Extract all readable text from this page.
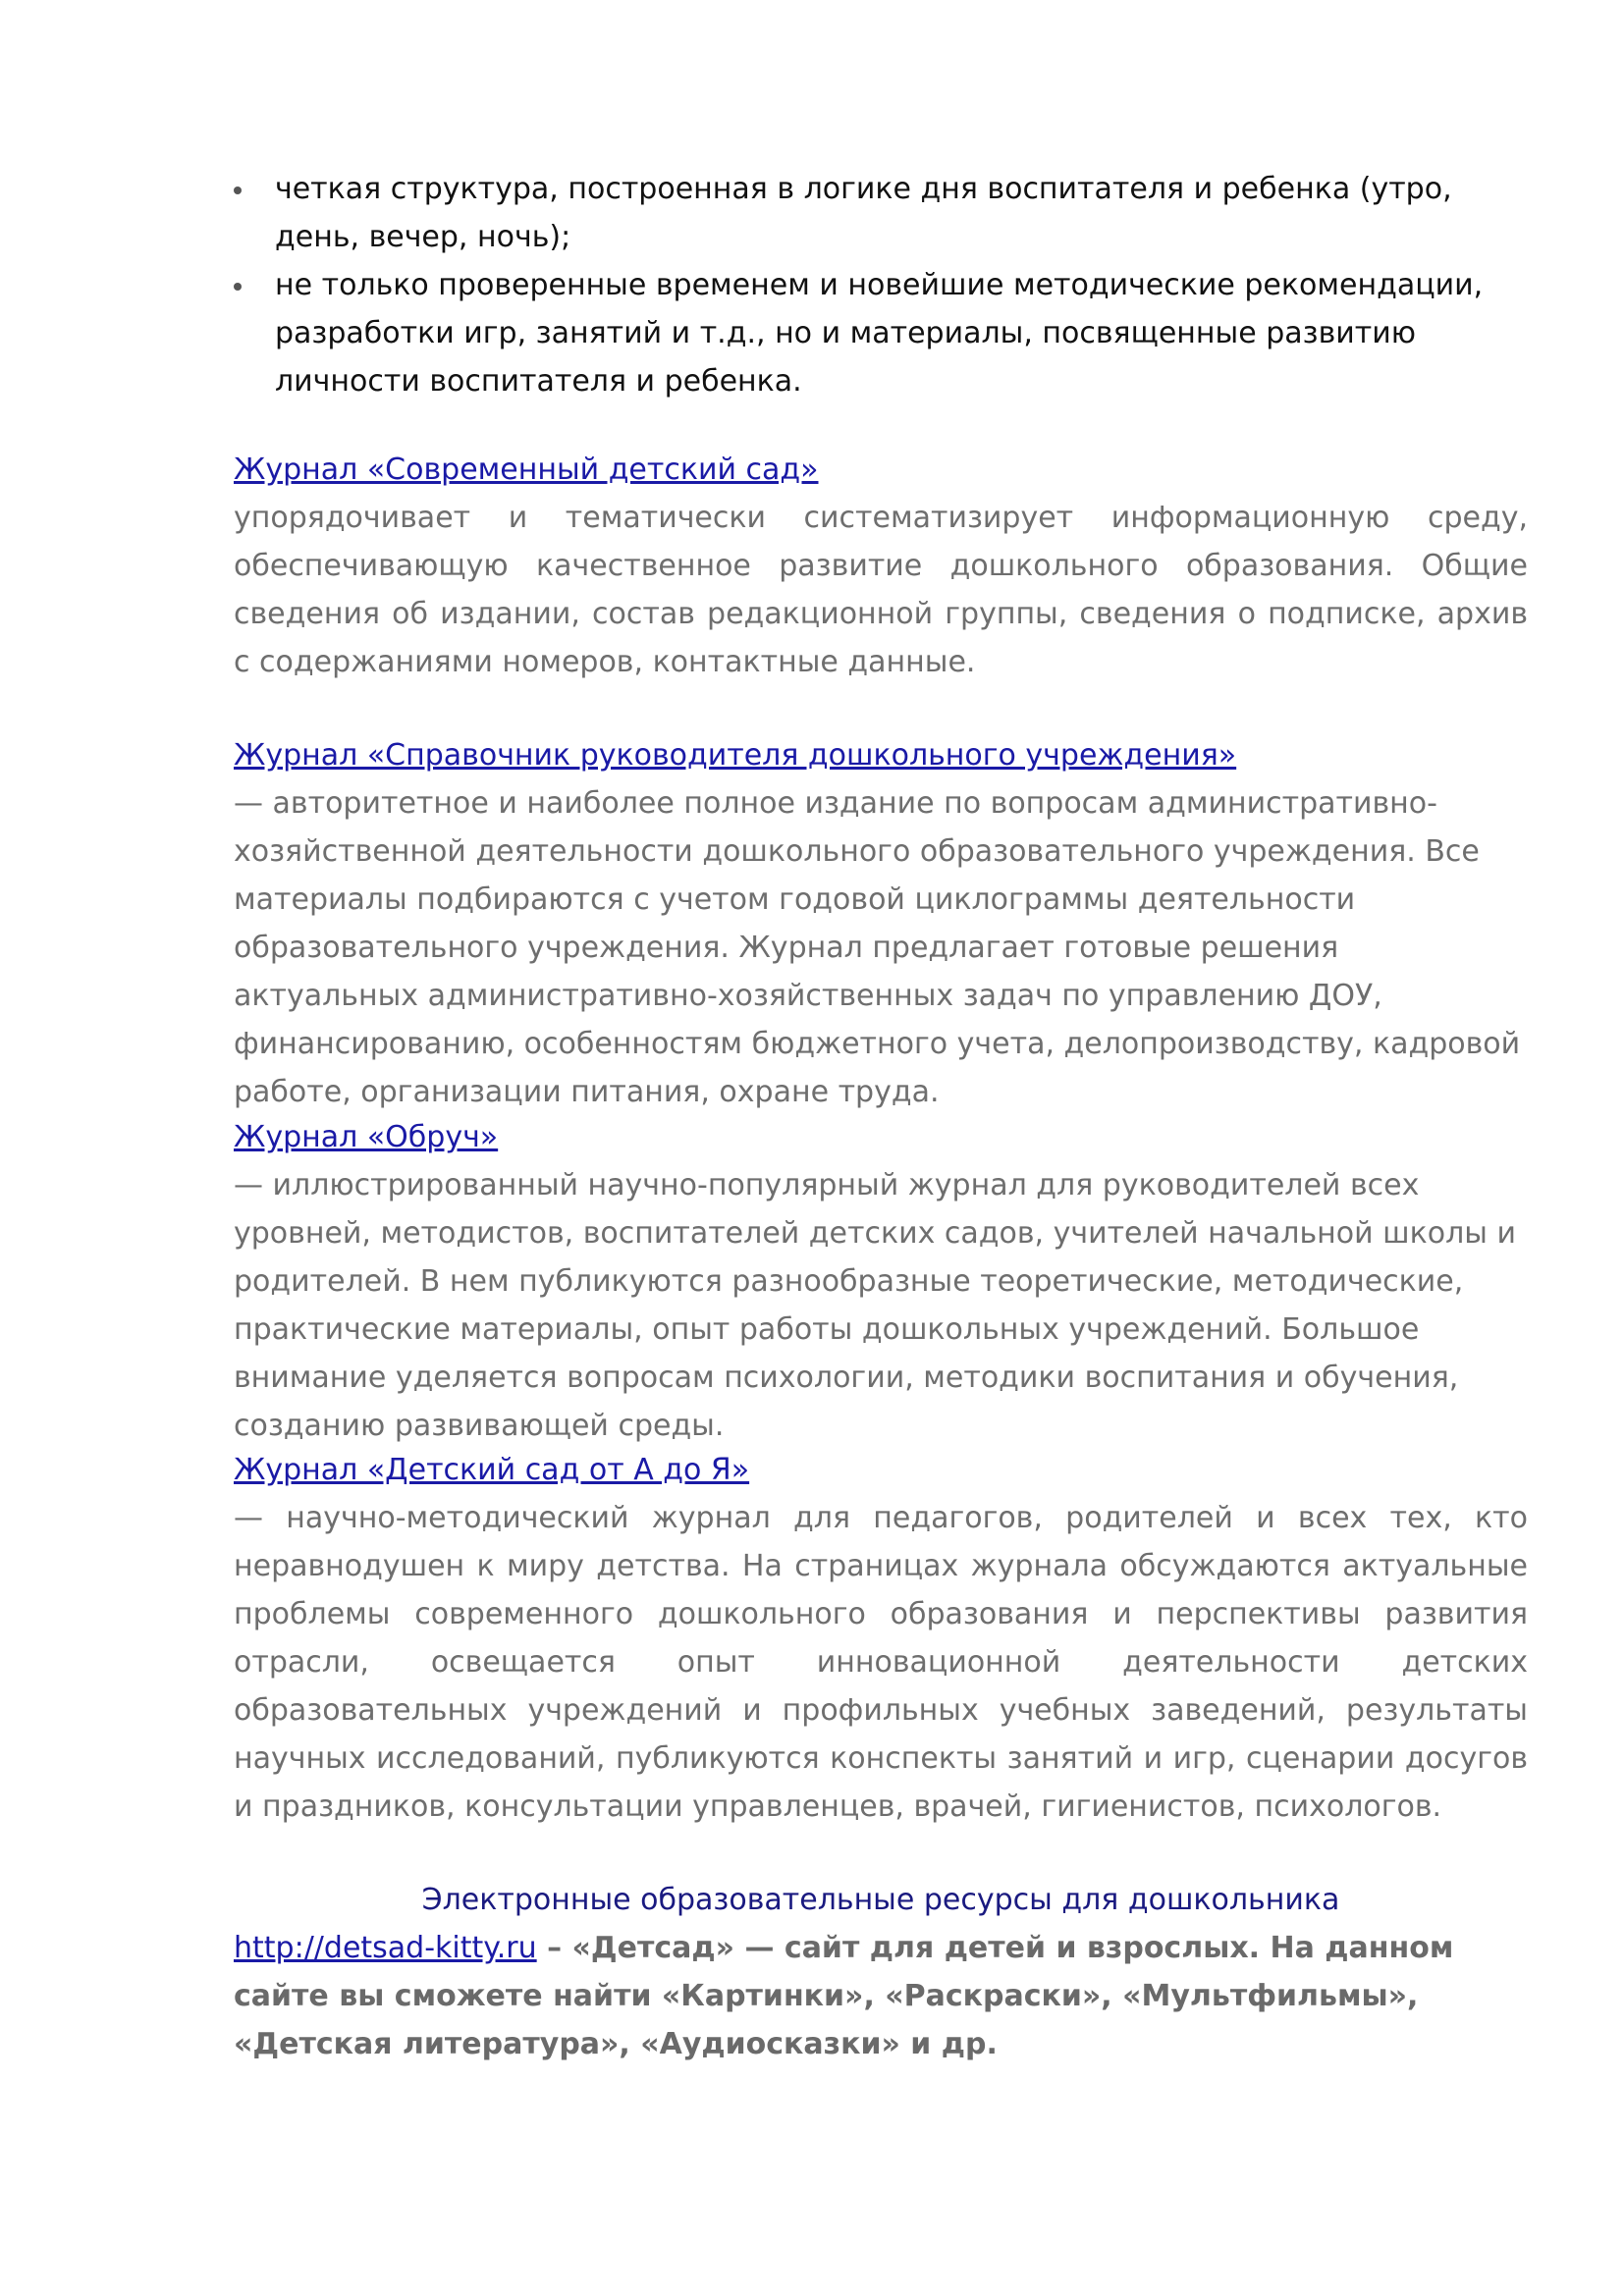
четкая структура, построенная в логике дня воспитателя и ребенка (утро, день, вечер, ночь);
не только проверенные временем и новейшие методические рекомендации, разработки игр, занятий и т.д., но и материалы, посвященные развитию личности воспитателя и ребенка.
Журнал «Современный детский сад»

упорядочивает и тематически систематизирует информационную среду, обеспечивающую качественное развитие дошкольного образования. Общие сведения об издании, состав редакционной группы, сведения о подписке, архив с содержаниями номеров, контактные данные.

Журнал «Справочник руководителя дошкольного учреждения»

— авторитетное и наиболее полное издание по вопросам административно-хозяйственной деятельности дошкольного образовательного учреждения. Все материалы подбираются с учетом годовой циклограммы деятельности образовательного учреждения. Журнал предлагает готовые решения актуальных административно-хозяйственных задач по управлению ДОУ, финансированию, особенностям бюджетного учета, делопроизводству, кадровой работе, организации питания, охране труда.

Журнал «Обруч»

— иллюстрированный научно-популярный журнал для руководителей всех уровней, методистов, воспитателей детских садов, учителей начальной школы и родителей. В нем публикуются разнообразные теоретические, методические, практические материалы, опыт работы дошкольных учреждений. Большое внимание уделяется вопросам психологии, методики воспитания и обучения, созданию развивающей среды.

Журнал «Детский сад от А до Я»

— научно-методический журнал для педагогов, родителей и всех тех, кто неравнодушен к миру детства. На страницах журнала обсуждаются актуальные проблемы современного дошкольного образования и перспективы развития отрасли, освещается опыт инновационной деятельности детских образовательных учреждений и профильных учебных заведений, результаты научных исследований, публикуются конспекты занятий и игр, сценарии досугов и праздников, консультации управленцев, врачей, гигиенистов, психологов.

Электронные образовательные ресурсы для дошкольника

http://detsad-kitty.ru – «Детсад» — сайт для детей и взрослых. На данном сайте вы сможете найти «Картинки», «Раскраски», «Мультфильмы», «Детская литература», «Аудиосказки» и др.
